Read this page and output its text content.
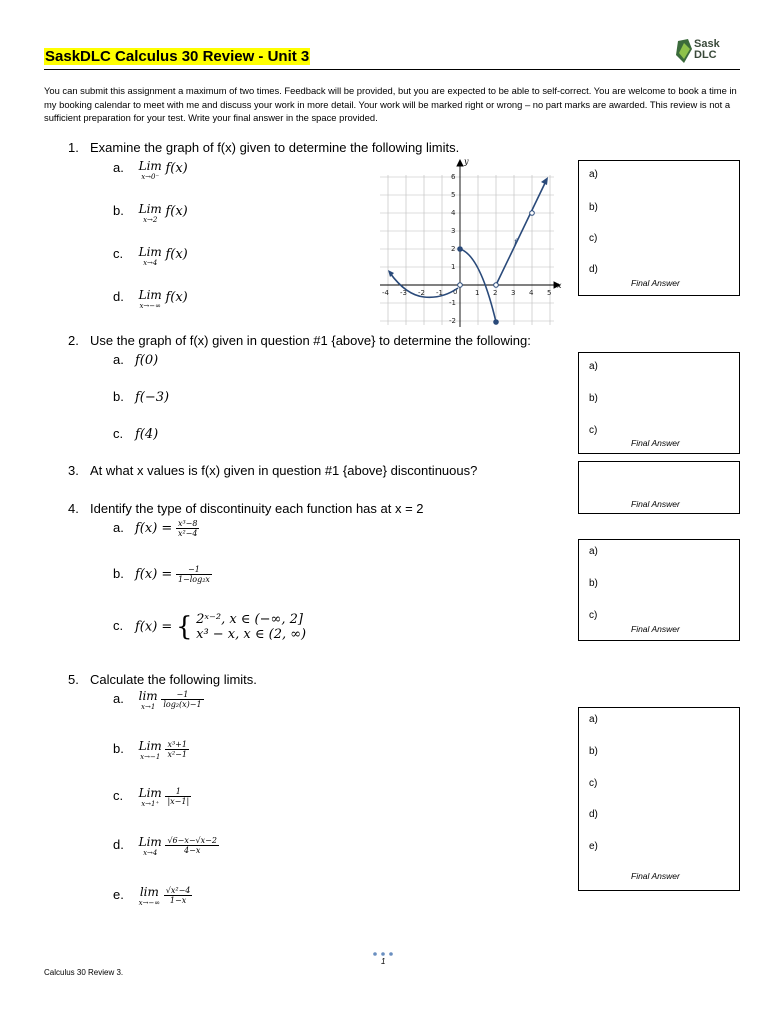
SaskDLC Calculus 30 Review - Unit 3
Sask
DLC
You can submit this assignment a maximum of two times. Feedback will be provided, but you are expected to be able to self-correct. You are welcome to book a time in my booking calendar to meet with me and discuss your work in more detail. Your work will be marked right or wrong – no part marks are awarded. This review is not a sufficient preparation for your test. Write your final answer in the space provided.
1. Examine the graph of f(x) given to determine the following limits.
a. Lim
x→0⁻
f(x)
b. Lim
x→2
f(x)
c. Lim
x→4
f(x)
d. Lim
x→−∞
f(x)
y
x
-4 -3 -2 -1 0	1 2 3 4 5
6
5
4
3
2
1
-1
-2
f
a)
b)
c)
d)
Final Answer
2. Use the graph of f(x) given in question #1 {above} to determine the following:
a. f(0)
b. f(−3)
c. f(4)
a)
b)
c)
Final Answer
3. At what x values is f(x) given in question #1 {above} discontinuous?
Final Answer
4. Identify the type of discontinuity each function has at x = 2
a. $f(x) = \frac{\text{x³−8}}{\text{x²−4}}$
b. $f(x) = \frac{-1}{\text{1−log₂x}}$
c. f(x) = { 2ˣ⁻², x ∈ (−∞, 2]
x³ − x, x ∈ (2, ∞)
a)
b)
c)
Final Answer
5. Calculate the following limits.
a. lim
x→1
$\frac{-1}{\text{log₂(x)−1}}$
b. Lim
x→−1
$\frac{\text{x³+1}}{\text{x²−1}}$
c. Lim
x→1⁺
$\frac{1}{|x-1|}$
d. Lim
x→4
	$\frac{√6-x-√x-2}{4-x}$
e. lim
x→−∞
$\frac{\text{√x²−4}}{1-x}$
a)
b)
c)
d)
e)
Final Answer
1
Calculus 30 Review 3.
